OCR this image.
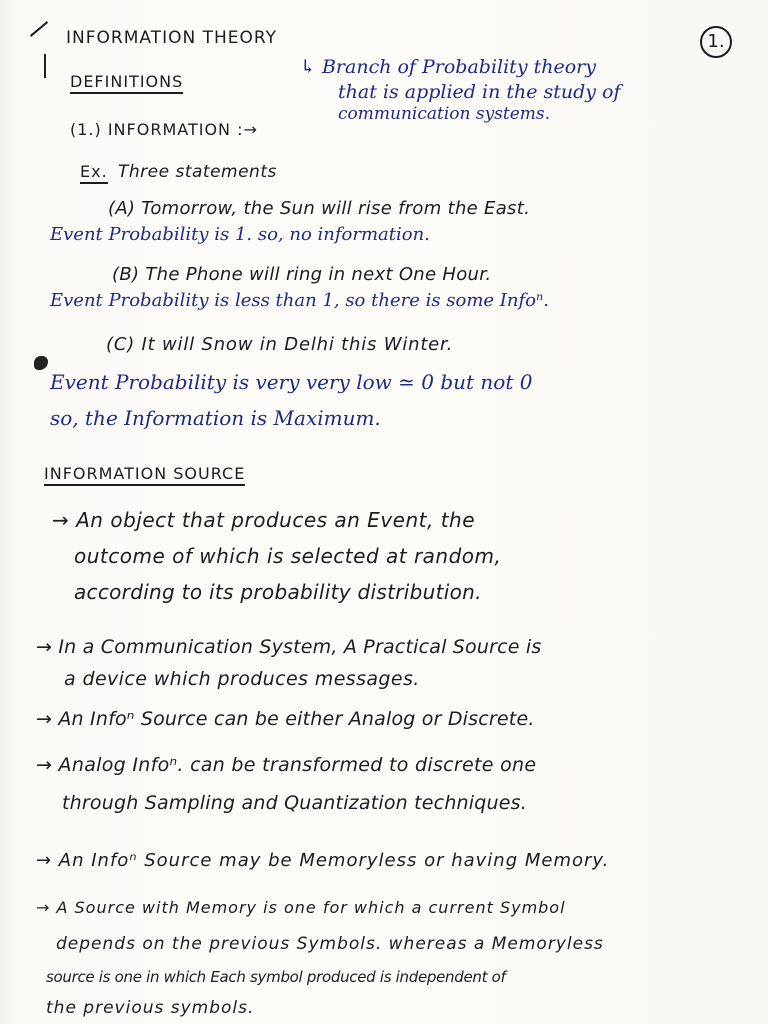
1.
INFORMATION THEORY
DEFINITIONS
↳ Branch of Probability theory
that is applied in the study of
communication systems.
(1.) INFORMATION :→
Ex. Three statements
(A) Tomorrow, the Sun will rise from the East.
Event Probability is 1. so, no information.
(B) The Phone will ring in next One Hour.
Event Probability is less than 1, so there is some Infoⁿ.
(C) It will Snow in Delhi this Winter.
Event Probability is very very low ≃ 0 but not 0
so, the Information is Maximum.
INFORMATION SOURCE
→ An object that produces an Event, the
outcome of which is selected at random,
according to its probability distribution.
→ In a Communication System, A Practical Source is
a device which produces messages.
→ An Infoⁿ Source can be either Analog or Discrete.
→ Analog Infoⁿ. can be transformed to discrete one
through Sampling and Quantization techniques.
→ An Infoⁿ Source may be Memoryless or having Memory.
→ A Source with Memory is one for which a current Symbol
depends on the previous Symbols. whereas a Memoryless
source is one in which Each symbol produced is independent of
the previous symbols.
